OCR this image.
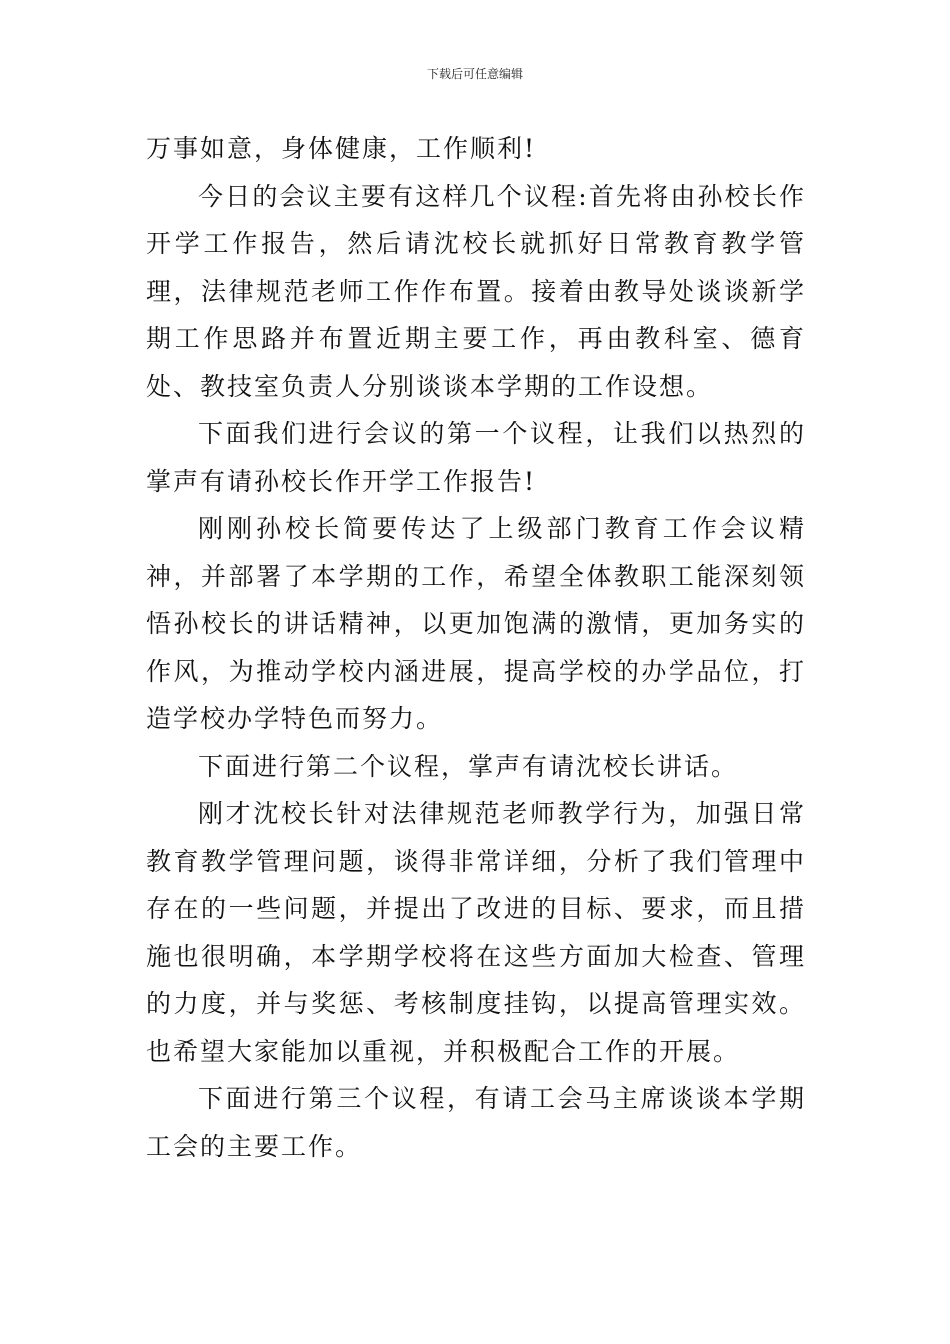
下载后可任意编辑

万事如意，身体健康，工作顺利!

今日的会议主要有这样几个议程:首先将由孙校长作开学工作报告，然后请沈校长就抓好日常教育教学管理，法律规范老师工作作布置。接着由教导处谈谈新学期工作思路并布置近期主要工作，再由教科室、德育处、教技室负责人分别谈谈本学期的工作设想。

下面我们进行会议的第一个议程，让我们以热烈的掌声有请孙校长作开学工作报告!

刚刚孙校长简要传达了上级部门教育工作会议精神，并部署了本学期的工作，希望全体教职工能深刻领悟孙校长的讲话精神，以更加饱满的激情，更加务实的作风，为推动学校内涵进展，提高学校的办学品位，打造学校办学特色而努力。

下面进行第二个议程，掌声有请沈校长讲话。

刚才沈校长针对法律规范老师教学行为，加强日常教育教学管理问题，谈得非常详细，分析了我们管理中存在的一些问题，并提出了改进的目标、要求，而且措施也很明确，本学期学校将在这些方面加大检查、管理的力度，并与奖惩、考核制度挂钩，以提高管理实效。也希望大家能加以重视，并积极配合工作的开展。

下面进行第三个议程，有请工会马主席谈谈本学期工会的主要工作。
